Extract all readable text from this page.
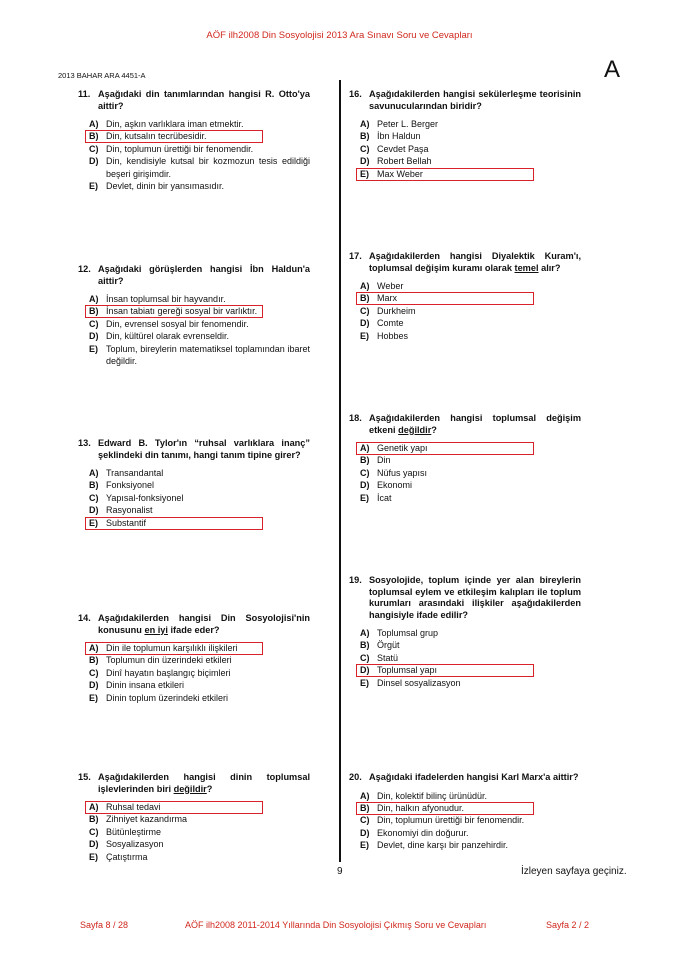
AÖF ilh2008 Din Sosyolojisi 2013 Ara Sınavı Soru ve Cevapları
2013 BAHAR ARA 4451-A	A
11. Aşağıdaki din tanımlarından hangisi R. Otto'ya aittir?
A) Din, aşkın varlıklara iman etmektir.
B) Din, kutsalın tecrübesidir.
C) Din, toplumun ürettiği bir fenomendir.
D) Din, kendisiyle kutsal bir kozmozun tesis edildiği beşeri girişimdir.
E) Devlet, dinin bir yansımasıdır.
12. Aşağıdaki görüşlerden hangisi İbn Haldun'a aittir?
A) İnsan toplumsal bir hayvandır.
B) İnsan tabiatı gereği sosyal bir varlıktır.
C) Din, evrensel sosyal bir fenomendir.
D) Din, kültürel olarak evrenseldir.
E) Toplum, bireylerin matematiksel toplamından ibaret değildir.
13. Edward B. Tylor'ın “ruhsal varlıklara inanç” şeklindeki din tanımı, hangi tanım tipine girer?
A) Transandantal
B) Fonksiyonel
C) Yapısal-fonksiyonel
D) Rasyonalist
E) Substantif
14. Aşağıdakilerden hangisi Din Sosyolojisi'nin konusunu en iyi ifade eder?
A) Din ile toplumun karşılıklı ilişkileri
B) Toplumun din üzerindeki etkileri
C) Dinî hayatın başlangıç biçimleri
D) Dinin insana etkileri
E) Dinin toplum üzerindeki etkileri
15. Aşağıdakilerden hangisi dinin toplumsal işlevlerinden biri değildir?
A) Ruhsal tedavi
B) Zihniyet kazandırma
C) Bütünleştirme
D) Sosyalizasyon
E) Çatıştırma
16. Aşağıdakilerden hangisi sekülerleşme teorisinin savunucularından biridir?
A) Peter L. Berger
B) İbn Haldun
C) Cevdet Paşa
D) Robert Bellah
E) Max Weber
17. Aşağıdakilerden hangisi Diyalektik Kuram'ı, toplumsal değişim kuramı olarak temel alır?
A) Weber
B) Marx
C) Durkheim
D) Comte
E) Hobbes
18. Aşağıdakilerden hangisi toplumsal değişim etkeni değildir?
A) Genetik yapı
B) Din
C) Nüfus yapısı
D) Ekonomi
E) İcat
19. Sosyolojide, toplum içinde yer alan bireylerin toplumsal eylem ve etkileşim kalıpları ile toplum kurumları arasındaki ilişkiler aşağıdakilerden hangisiyle ifade edilir?
A) Toplumsal grup
B) Örgüt
C) Statü
D) Toplumsal yapı
E) Dinsel sosyalizasyon
20. Aşağıdaki ifadelerden hangisi Karl Marx'a aittir?
A) Din, kolektif bilinç ürünüdür.
B) Din, halkın afyonudur.
C) Din, toplumun ürettiği bir fenomendir.
D) Ekonomiyi din doğurur.
E) Devlet, dine karşı bir panzehirdir.
9	İzleyen sayfaya geçiniz.
Sayfa 8 / 28	AÖF ilh2008 2011-2014 Yıllarında Din Sosyolojisi Çıkmış Soru ve Cevapları	Sayfa 2 / 2
